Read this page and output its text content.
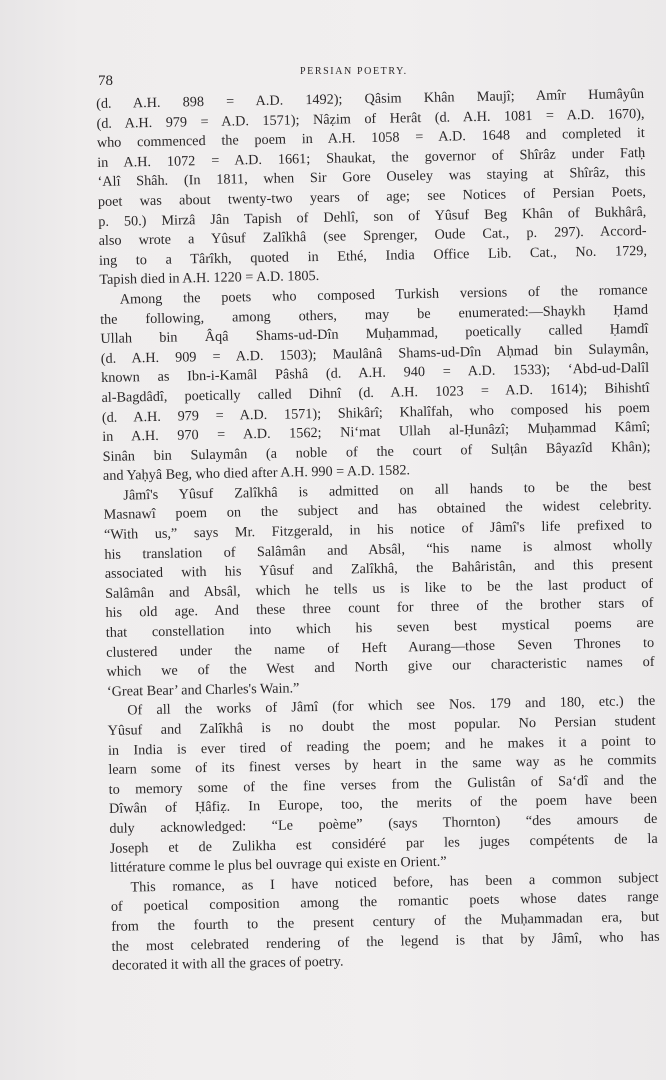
78
PERSIAN POETRY.
(d. A.H. 898 = A.D. 1492); Qâsim Khân Maujî; Amîr Humâyûn
(d. A.H. 979 = A.D. 1571); Nâẓim of Herât (d. A.H. 1081 = A.D. 1670),
who commenced the poem in A.H. 1058 = A.D. 1648 and completed it
in A.H. 1072 = A.D. 1661; Shaukat, the governor of Shîrâz under Fatḥ
‘Alî Shâh. (In 1811, when Sir Gore Ouseley was staying at Shîrâz, this
poet was about twenty-two years of age; see Notices of Persian Poets,
p. 50.) Mirzâ Jân Tapish of Dehlî, son of Yûsuf Beg Khân of Bukhârâ,
also wrote a Yûsuf Zalîkhâ (see Sprenger, Oude Cat., p. 297). Accord-
ing to a Târîkh, quoted in Ethé, India Office Lib. Cat., No. 1729,
Tapish died in A.H. 1220 = A.D. 1805.
Among the poets who composed Turkish versions of the romance
the following, among others, may be enumerated:—Shaykh Ḥamd
Ullah bin Âqâ Shams-ud-Dîn Muḥammad, poetically called Ḥamdî
(d. A.H. 909 = A.D. 1503); Maulânâ Shams-ud-Dîn Aḥmad bin Sulaymân,
known as Ibn-i-Kamâl Pâshâ (d. A.H. 940 = A.D. 1533); ‘Abd-ud-Dalîl
al-Bagdâdî, poetically called Dihnî (d. A.H. 1023 = A.D. 1614); Bihishtî
(d. A.H. 979 = A.D. 1571); Shikârî; Khalîfah, who composed his poem
in A.H. 970 = A.D. 1562; Ni‘mat Ullah al-Ḥunâzî; Muḥammad Kâmî;
Sinân bin Sulaymân (a noble of the court of Sulṭân Bâyazîd Khân);
and Yaḥyâ Beg, who died after A.H. 990 = A.D. 1582.
Jâmî's Yûsuf Zalîkhâ is admitted on all hands to be the best
Masnawî poem on the subject and has obtained the widest celebrity.
“With us,” says Mr. Fitzgerald, in his notice of Jâmî's life prefixed to
his translation of Salâmân and Absâl, “his name is almost wholly
associated with his Yûsuf and Zalîkhâ, the Bahâristân, and this present
Salâmân and Absâl, which he tells us is like to be the last product of
his old age. And these three count for three of the brother stars of
that constellation into which his seven best mystical poems are
clustered under the name of Heft Aurang—those Seven Thrones to
which we of the West and North give our characteristic names of
‘Great Bear’ and Charles's Wain.”
Of all the works of Jâmî (for which see Nos. 179 and 180, etc.) the
Yûsuf and Zalîkhâ is no doubt the most popular. No Persian student
in India is ever tired of reading the poem; and he makes it a point to
learn some of its finest verses by heart in the same way as he commits
to memory some of the fine verses from the Gulistân of Sa‘dî and the
Dîwân of Ḥâfiẓ. In Europe, too, the merits of the poem have been
duly acknowledged: “Le poème” (says Thornton) “des amours de
Joseph et de Zulikha est considéré par les juges compétents de la
littérature comme le plus bel ouvrage qui existe en Orient.”
This romance, as I have noticed before, has been a common subject
of poetical composition among the romantic poets whose dates range
from the fourth to the present century of the Muḥammadan era, but
the most celebrated rendering of the legend is that by Jâmî, who has
decorated it with all the graces of poetry.
